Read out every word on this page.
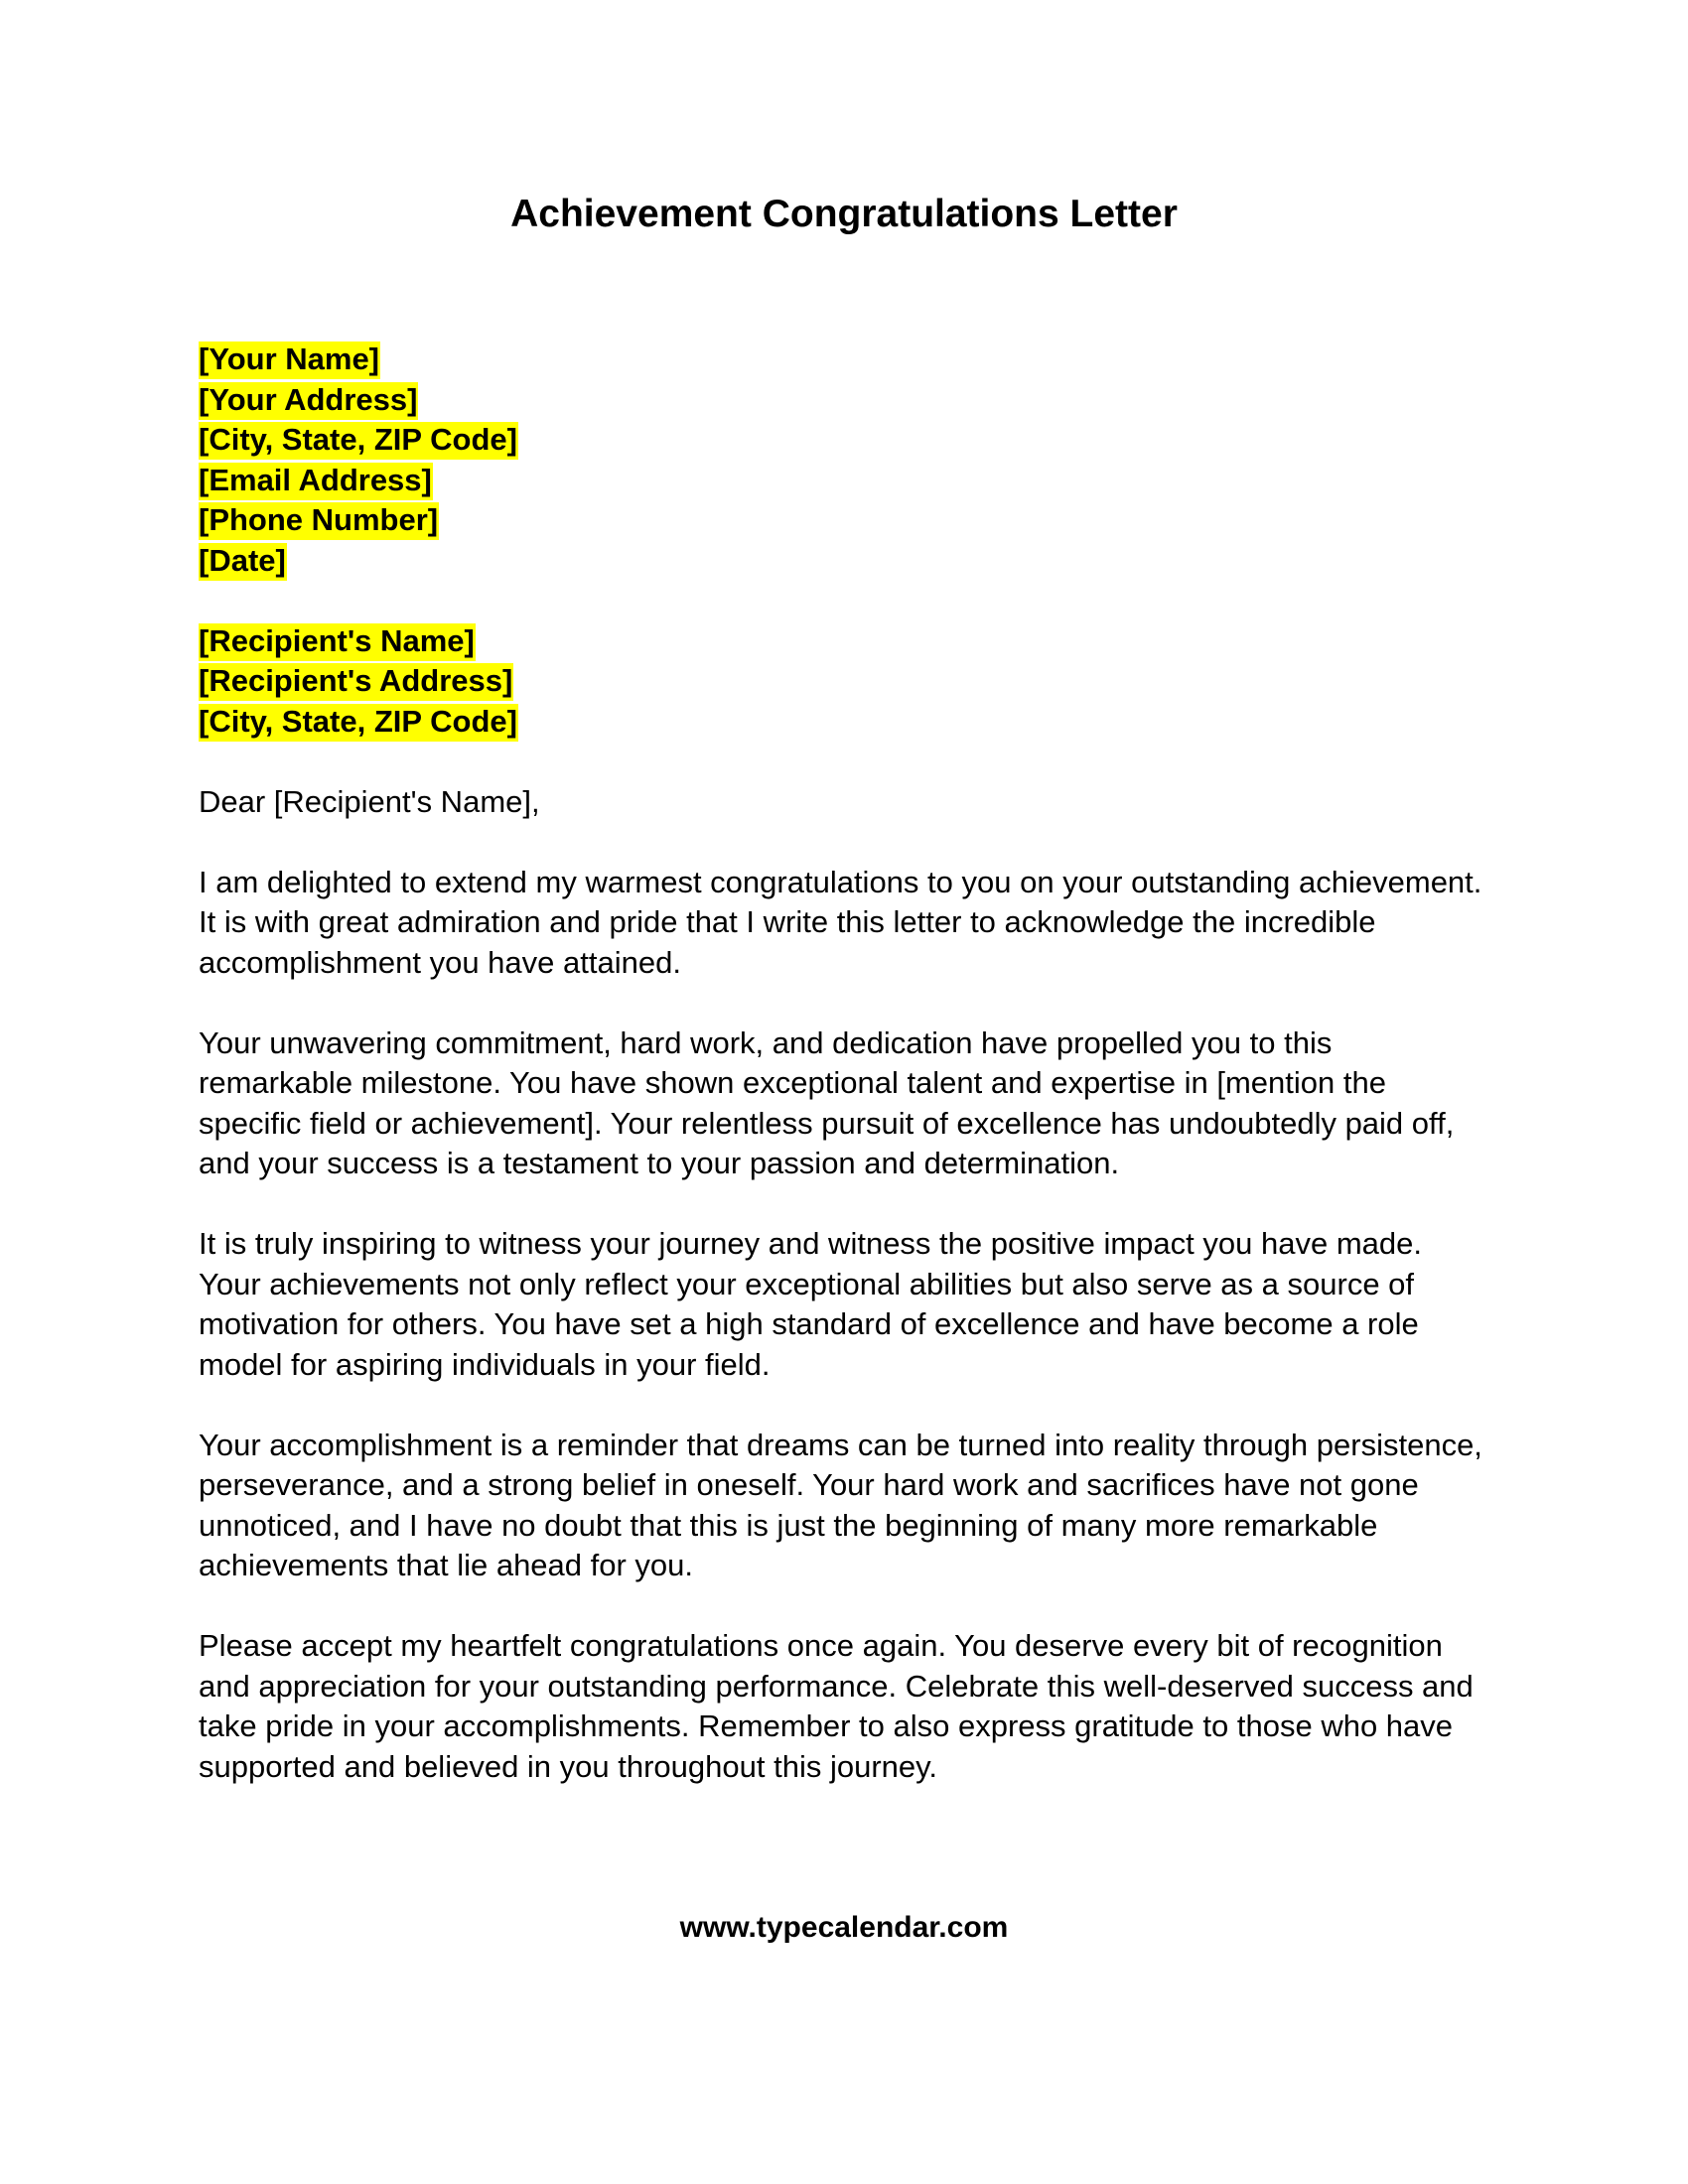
Achievement Congratulations Letter
[Your Name]
[Your Address]
[City, State, ZIP Code]
[Email Address]
[Phone Number]
[Date]
[Recipient's Name]
[Recipient's Address]
[City, State, ZIP Code]

Dear [Recipient's Name],

I am delighted to extend my warmest congratulations to you on your outstanding achievement. It is with great admiration and pride that I write this letter to acknowledge the incredible accomplishment you have attained.

Your unwavering commitment, hard work, and dedication have propelled you to this remarkable milestone. You have shown exceptional talent and expertise in [mention the specific field or achievement]. Your relentless pursuit of excellence has undoubtedly paid off, and your success is a testament to your passion and determination.

It is truly inspiring to witness your journey and witness the positive impact you have made. Your achievements not only reflect your exceptional abilities but also serve as a source of motivation for others. You have set a high standard of excellence and have become a role model for aspiring individuals in your field.

Your accomplishment is a reminder that dreams can be turned into reality through persistence, perseverance, and a strong belief in oneself. Your hard work and sacrifices have not gone unnoticed, and I have no doubt that this is just the beginning of many more remarkable achievements that lie ahead for you.

Please accept my heartfelt congratulations once again. You deserve every bit of recognition and appreciation for your outstanding performance. Celebrate this well-deserved success and take pride in your accomplishments. Remember to also express gratitude to those who have supported and believed in you throughout this journey.

www.typecalendar.com
